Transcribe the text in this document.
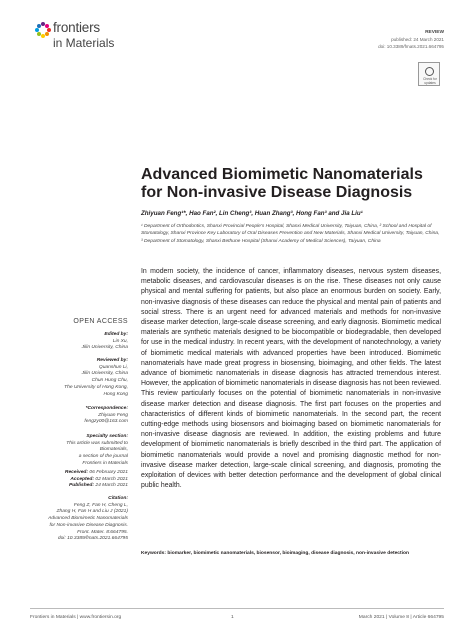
frontiers
in Materials
REVIEW
published: 24 March 2021
doi: 10.3389/fmats.2021.664795
Check for updates
Advanced Biomimetic Nanomaterials for Non-invasive Disease Diagnosis
Zhiyuan Feng¹*, Hao Fan², Lin Cheng³, Huan Zhang³, Hong Fan³ and Jia Liu¹
¹ Department of Orthodontics, Shanxi Provincial People's Hospital, Shanxi Medical University, Taiyuan, China, ² School and Hospital of Stomatology, Shanxi Province Key Laboratory of Oral Diseases Prevention and New Materials, Shanxi Medical University, Taiyuan, China, ³ Department of Stomatology, Shanxi Bethune Hospital (Shanxi Academy of Medical Sciences), Taiyuan, China
OPEN ACCESS
Edited by:
Lin Xu,
Jilin University, China
Reviewed by:
Quanshun Li,
Jilin University, China
Chun Hung Chu,
The University of Hong Kong,
Hong Kong
*Correspondence:
Zhiyuan Feng
fengzy00@163.com
Specialty section:
This article was submitted to
Biomaterials,
a section of the journal
Frontiers in Materials
Received: 06 February 2021
Accepted: 02 March 2021
Published: 24 March 2021
Citation:
Feng Z, Fan H, Cheng L,
Zhang H, Fan H and Liu J (2021)
Advanced Biomimetic Nanomaterials
for Non-invasive Disease Diagnosis.
Front. Mater. 8:664795.
doi: 10.3389/fmats.2021.664795
In modern society, the incidence of cancer, inflammatory diseases, nervous system diseases, metabolic diseases, and cardiovascular diseases is on the rise. These diseases not only cause physical and mental suffering for patients, but also place an enormous burden on society. Early, non-invasive diagnosis of these diseases can reduce the physical and mental pain of patients and social stress. There is an urgent need for advanced materials and methods for non-invasive disease marker detection, large-scale disease screening, and early diagnosis. Biomimetic medical materials are synthetic materials designed to be biocompatible or biodegradable, then developed for use in the medical industry. In recent years, with the development of nanotechnology, a variety of biomimetic medical materials with advanced properties have been introduced. Biomimetic nanomaterials have made great progress in biosensing, bioimaging, and other fields. The latest advance of biomimetic nanomaterials in disease diagnosis has attracted tremendous interest. However, the application of biomimetic nanomaterials in disease diagnosis has not been reviewed. This review particularly focuses on the potential of biomimetic nanomaterials in non-invasive disease marker detection and disease diagnosis. The first part focuses on the properties and characteristics of different kinds of biomimetic nanomaterials. In the second part, the recent cutting-edge methods using biosensors and bioimaging based on biomimetic nanomaterials for non-invasive disease diagnosis are reviewed. In addition, the existing problems and future development of biomimetic nanomaterials is briefly described in the third part. The application of biomimetic nanomaterials would provide a novel and promising diagnostic method for non-invasive disease marker detection, large-scale clinical screening, and diagnosis, promoting the exploitation of devices with better detection performance and the development of global clinical public health.
Keywords: biomarker, biomimetic nanomaterials, biosensor, bioimaging, disease diagnosis, non-invasive detection
Frontiers in Materials | www.frontiersin.org	1	March 2021 | Volume 8 | Article 664795
